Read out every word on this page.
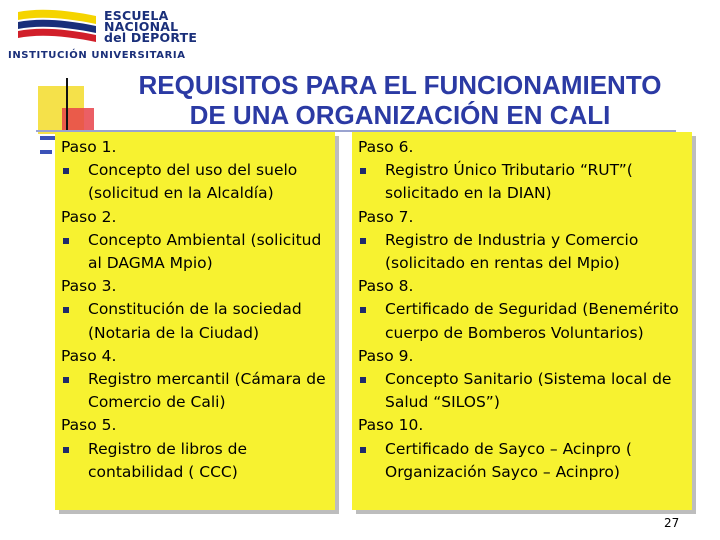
ESCUELA
NACIONAL
del DEPORTE
INSTITUCIÓN UNIVERSITARIA
REQUISITOS PARA EL FUNCIONAMIENTO
DE UNA ORGANIZACIÓN EN CALI

Paso 1.

Concepto del uso del suelo
(solicitud en la Alcaldía)

Paso 2.

Concepto Ambiental (solicitud
al DAGMA Mpio)

Paso 3.

Constitución de la sociedad
(Notaria de la Ciudad)

Paso 4.

Registro mercantil (Cámara de
Comercio de Cali)

Paso 5.

Registro de libros de
contabilidad ( CCC)

Paso 6.

Registro Único Tributario “RUT”(
solicitado en la DIAN)

Paso 7.

Registro de Industria y Comercio
(solicitado en rentas del Mpio)

Paso 8.

Certificado de Seguridad (Benemérito
cuerpo de Bomberos Voluntarios)

Paso 9.

Concepto Sanitario (Sistema local de
Salud “SILOS”)

Paso 10.

Certificado de Sayco – Acinpro (
Organización Sayco – Acinpro)
27
